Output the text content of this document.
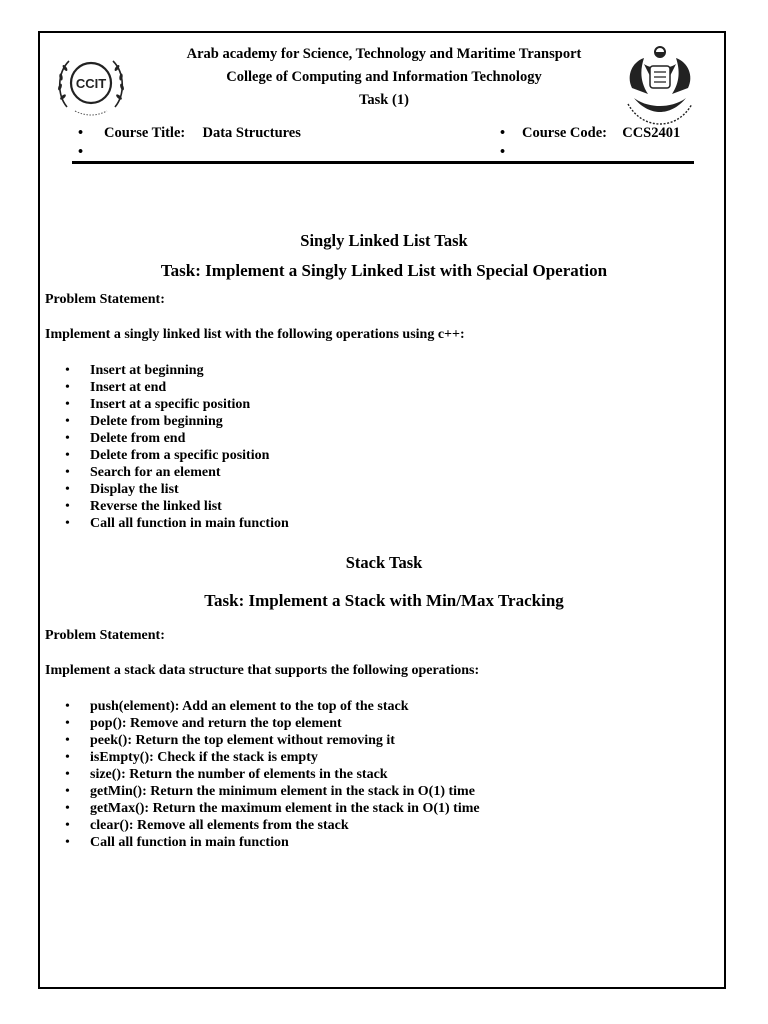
CCIT
Arab academy for Science, Technology and Maritime Transport
College of Computing and Information Technology
Task (1)
• Course Title: Data Structures
•
• Course Code: CCS2401
•
Singly Linked List Task
Task: Implement a Singly Linked List with Special Operation
Problem Statement:
Implement a singly linked list with the following operations using c++:
• Insert at beginning
• Insert at end
• Insert at a specific position
• Delete from beginning
• Delete from end
• Delete from a specific position
• Search for an element
• Display the list
• Reverse the linked list
• Call all function in main function
Stack Task
Task: Implement a Stack with Min/Max Tracking
Problem Statement:
Implement a stack data structure that supports the following operations:
• push(element): Add an element to the top of the stack
• pop(): Remove and return the top element
• peek(): Return the top element without removing it
• isEmpty(): Check if the stack is empty
• size(): Return the number of elements in the stack
• getMin(): Return the minimum element in the stack in O(1) time
• getMax(): Return the maximum element in the stack in O(1) time
• clear(): Remove all elements from the stack
• Call all function in main function
